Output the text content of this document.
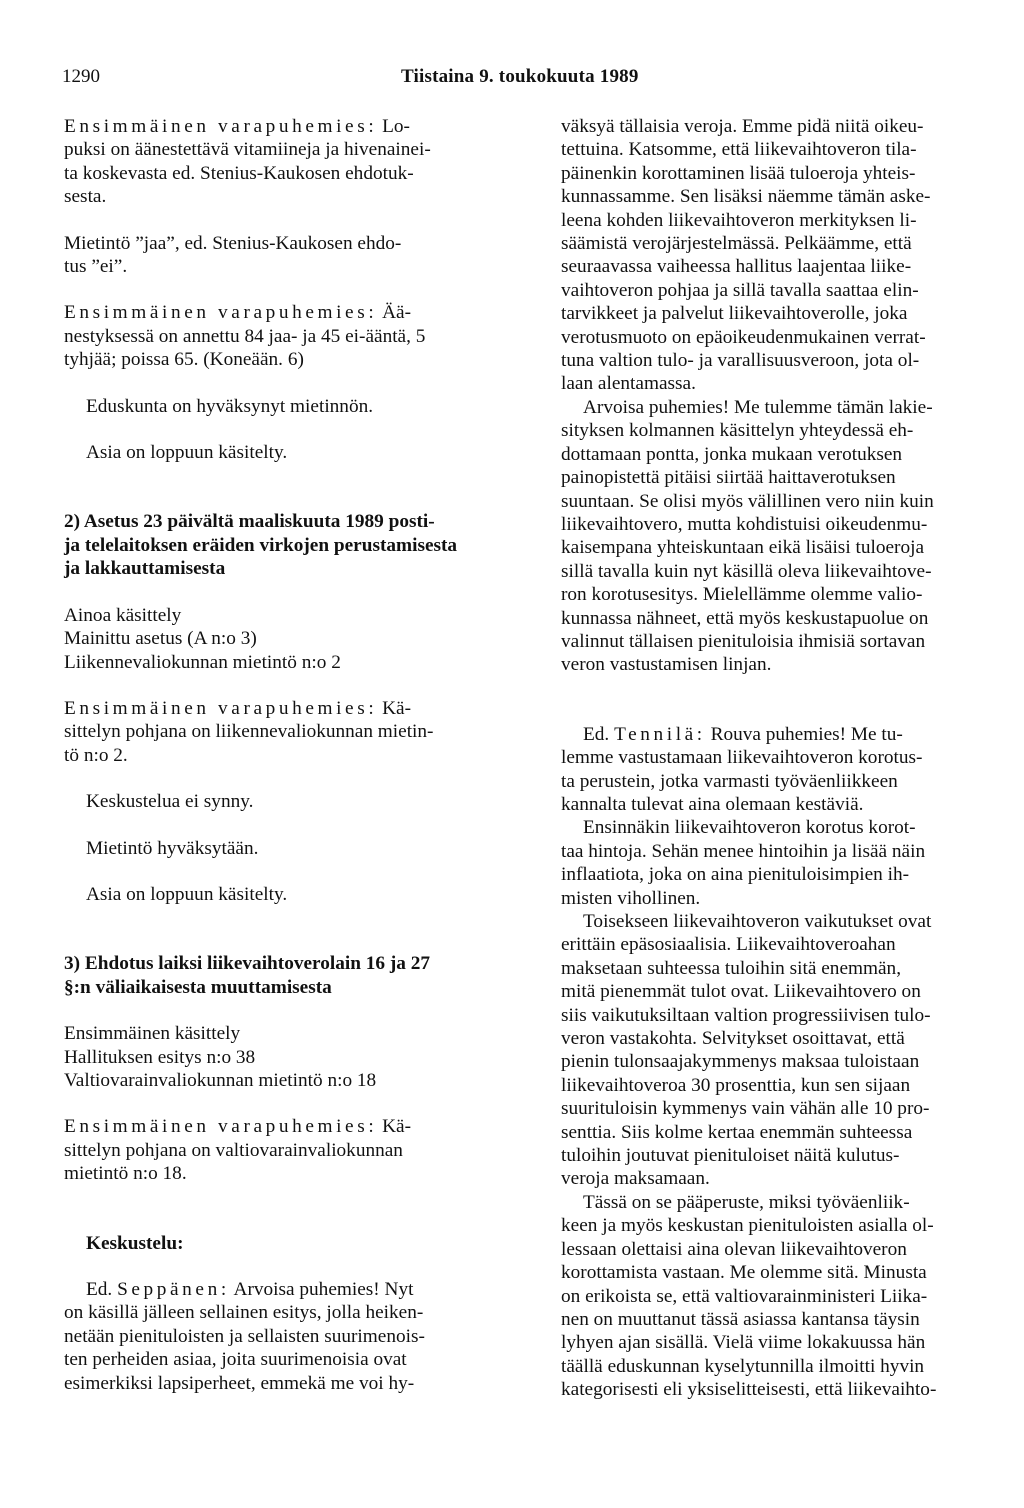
1290	Tiistaina 9. toukokuuta 1989

Ensimmäinen varapuhemies: Lo-
puksi on äänestettävä vitamiineja ja hivenainei-
ta koskevasta ed. Stenius-Kaukosen ehdotuk-
sesta.

Mietintö ”jaa”, ed. Stenius-Kaukosen ehdo-
tus ”ei”.

Ensimmäinen varapuhemies: Ää-
nestyksessä on annettu 84 jaa- ja 45 ei-ääntä, 5
tyhjää; poissa 65. (Koneään. 6)

Eduskunta on hyväksynyt mietinnön.

Asia on loppuun käsitelty.

2) Asetus 23 päivältä maaliskuuta 1989 posti-
ja telelaitoksen eräiden virkojen perustamisesta
ja lakkauttamisesta

Ainoa käsittely
Mainittu asetus (A n:o 3)
Liikennevaliokunnan mietintö n:o 2

Ensimmäinen varapuhemies: Kä-
sittelyn pohjana on liikennevaliokunnan mietin-
tö n:o 2.

Keskustelua ei synny.

Mietintö hyväksytään.

Asia on loppuun käsitelty.

3) Ehdotus laiksi liikevaihtoverolain 16 ja 27
§:n väliaikaisesta muuttamisesta

Ensimmäinen käsittely
Hallituksen esitys n:o 38
Valtiovarainvaliokunnan mietintö n:o 18

Ensimmäinen varapuhemies: Kä-
sittelyn pohjana on valtiovarainvaliokunnan
mietintö n:o 18.

Keskustelu:

Ed. Seppänen: Arvoisa puhemies! Nyt
on käsillä jälleen sellainen esitys, jolla heiken-
netään pienituloisten ja sellaisten suurimenois-
ten perheiden asiaa, joita suurimenoisia ovat
esimerkiksi lapsiperheet, emmekä me voi hy-

väksyä tällaisia veroja. Emme pidä niitä oikeu-
tettuina. Katsomme, että liikevaihtoveron tila-
päinenkin korottaminen lisää tuloeroja yhteis-
kunnassamme. Sen lisäksi näemme tämän aske-
leena kohden liikevaihtoveron merkityksen li-
säämistä verojärjestelmässä. Pelkäämme, että
seuraavassa vaiheessa hallitus laajentaa liike-
vaihtoveron pohjaa ja sillä tavalla saattaa elin-
tarvikkeet ja palvelut liikevaihtoverolle, joka
verotusmuoto on epäoikeudenmukainen verrat-
tuna valtion tulo- ja varallisuusveroon, jota ol-
laan alentamassa.

Arvoisa puhemies! Me tulemme tämän lakie-
sityksen kolmannen käsittelyn yhteydessä eh-
dottamaan pontta, jonka mukaan verotuksen
painopistettä pitäisi siirtää haittaverotuksen
suuntaan. Se olisi myös välillinen vero niin kuin
liikevaihtovero, mutta kohdistuisi oikeudenmu-
kaisempana yhteiskuntaan eikä lisäisi tuloeroja
sillä tavalla kuin nyt käsillä oleva liikevaihtove-
ron korotusesitys. Mielellämme olemme valio-
kunnassa nähneet, että myös keskustapuolue on
valinnut tällaisen pienituloisia ihmisiä sortavan
veron vastustamisen linjan.

Ed. Tennilä: Rouva puhemies! Me tu-
lemme vastustamaan liikevaihtoveron korotus-
ta perustein, jotka varmasti työväenliikkeen
kannalta tulevat aina olemaan kestäviä.

Ensinnäkin liikevaihtoveron korotus korot-
taa hintoja. Sehän menee hintoihin ja lisää näin
inflaatiota, joka on aina pienituloisimpien ih-
misten vihollinen.

Toisekseen liikevaihtoveron vaikutukset ovat
erittäin epäsosiaalisia. Liikevaihtoveroahan
maksetaan suhteessa tuloihin sitä enemmän,
mitä pienemmät tulot ovat. Liikevaihtovero on
siis vaikutuksiltaan valtion progressiivisen tulo-
veron vastakohta. Selvitykset osoittavat, että
pienin tulonsaajakymmenys maksaa tuloistaan
liikevaihtoveroa 30 prosenttia, kun sen sijaan
suurituloisin kymmenys vain vähän alle 10 pro-
senttia. Siis kolme kertaa enemmän suhteessa
tuloihin joutuvat pienituloiset näitä kulutus-
veroja maksamaan.

Tässä on se pääperuste, miksi työväenliik-
keen ja myös keskustan pienituloisten asialla ol-
lessaan olettaisi aina olevan liikevaihtoveron
korottamista vastaan. Me olemme sitä. Minusta
on erikoista se, että valtiovarainministeri Liika-
nen on muuttanut tässä asiassa kantansa täysin
lyhyen ajan sisällä. Vielä viime lokakuussa hän
täällä eduskunnan kyselytunnilla ilmoitti hyvin
kategorisesti eli yksiselitteisesti, että liikevaihto-
